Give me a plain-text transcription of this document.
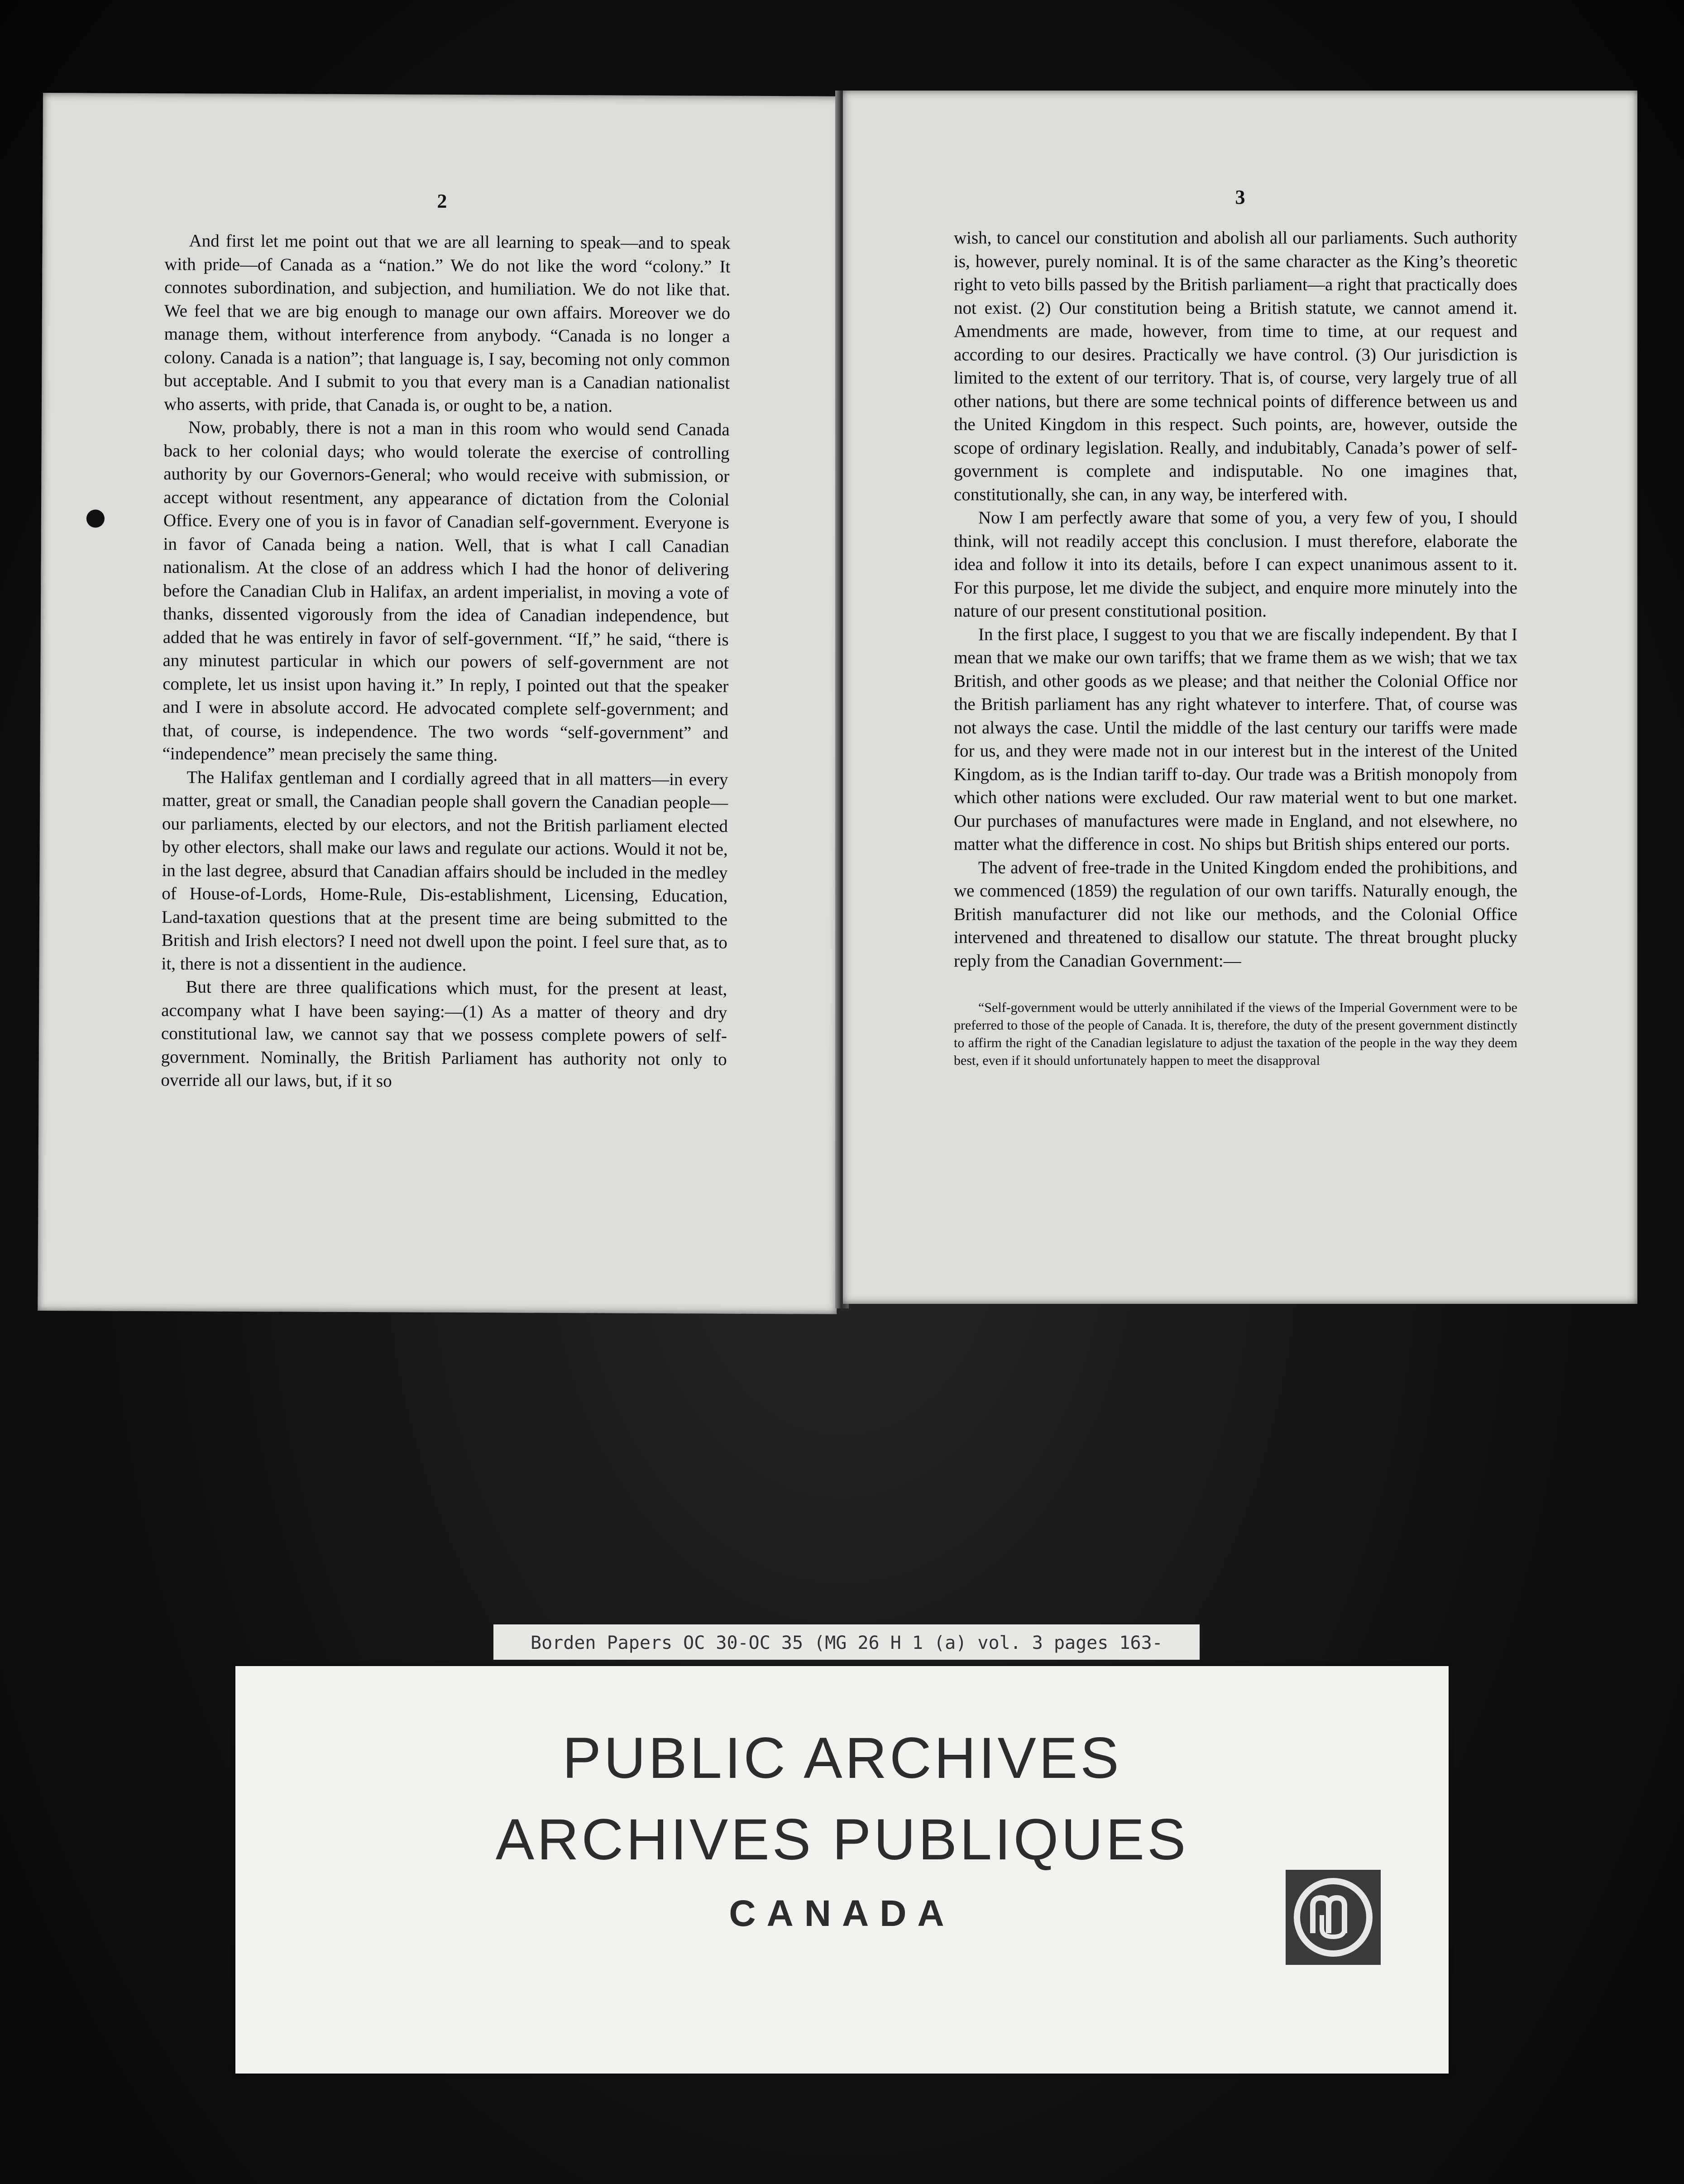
2

And first let me point out that we are all learning to speak—and to speak with pride—of Canada as a “nation.” We do not like the word “colony.” It connotes subordination, and subjection, and humiliation. We do not like that. We feel that we are big enough to manage our own affairs. Moreover we do manage them, without interference from anybody. “Canada is no longer a colony. Canada is a nation”; that language is, I say, becoming not only common but acceptable. And I submit to you that every man is a Canadian nationalist who asserts, with pride, that Canada is, or ought to be, a nation.

Now, probably, there is not a man in this room who would send Canada back to her colonial days; who would tolerate the exercise of controlling authority by our Governors-General; who would receive with submission, or accept without resentment, any appearance of dictation from the Colonial Office. Every one of you is in favor of Canadian self-government. Everyone is in favor of Canada being a nation. Well, that is what I call Canadian nationalism. At the close of an address which I had the honor of delivering before the Canadian Club in Halifax, an ardent imperialist, in moving a vote of thanks, dissented vigorously from the idea of Canadian independence, but added that he was entirely in favor of self-government. “If,” he said, “there is any minutest particular in which our powers of self-government are not complete, let us insist upon having it.” In reply, I pointed out that the speaker and I were in absolute accord. He advocated complete self-government; and that, of course, is independence. The two words “self-government” and “independence” mean precisely the same thing.

The Halifax gentleman and I cordially agreed that in all matters—in every matter, great or small, the Canadian people shall govern the Canadian people—our parliaments, elected by our electors, and not the British parliament elected by other electors, shall make our laws and regulate our actions. Would it not be, in the last degree, absurd that Canadian affairs should be included in the medley of House-of-Lords, Home-Rule, Dis-establishment, Licensing, Education, Land-taxation questions that at the present time are being submitted to the British and Irish electors? I need not dwell upon the point. I feel sure that, as to it, there is not a dissentient in the audience.

But there are three qualifications which must, for the present at least, accompany what I have been saying:—(1) As a matter of theory and dry constitutional law, we cannot say that we possess complete powers of self-government. Nominally, the British Parliament has authority not only to override all our laws, but, if it so

3

wish, to cancel our constitution and abolish all our parliaments. Such authority is, however, purely nominal. It is of the same character as the King’s theoretic right to veto bills passed by the British parliament—a right that practically does not exist. (2) Our constitution being a British statute, we cannot amend it. Amendments are made, however, from time to time, at our request and according to our desires. Practically we have control. (3) Our jurisdiction is limited to the extent of our territory. That is, of course, very largely true of all other nations, but there are some technical points of difference between us and the United Kingdom in this respect. Such points, are, however, outside the scope of ordinary legislation. Really, and indubitably, Canada’s power of self-government is complete and indisputable. No one imagines that, constitutionally, she can, in any way, be interfered with.

Now I am perfectly aware that some of you, a very few of you, I should think, will not readily accept this conclusion. I must therefore, elaborate the idea and follow it into its details, before I can expect unanimous assent to it. For this purpose, let me divide the subject, and enquire more minutely into the nature of our present constitutional position.

In the first place, I suggest to you that we are fiscally independent. By that I mean that we make our own tariffs; that we frame them as we wish; that we tax British, and other goods as we please; and that neither the Colonial Office nor the British parliament has any right whatever to interfere. That, of course was not always the case. Until the middle of the last century our tariffs were made for us, and they were made not in our interest but in the interest of the United Kingdom, as is the Indian tariff to-day. Our trade was a British monopoly from which other nations were excluded. Our raw material went to but one market. Our purchases of manufactures were made in England, and not elsewhere, no matter what the difference in cost. No ships but British ships entered our ports.

The advent of free-trade in the United Kingdom ended the prohibitions, and we commenced (1859) the regulation of our own tariffs. Naturally enough, the British manufacturer did not like our methods, and the Colonial Office intervened and threatened to disallow our statute. The threat brought plucky reply from the Canadian Government:—

“Self-government would be utterly annihilated if the views of the Imperial Government were to be preferred to those of the people of Canada. It is, therefore, the duty of the present government distinctly to affirm the right of the Canadian legislature to adjust the taxation of the people in the way they deem best, even if it should unfortunately happen to meet the disapproval
Borden Papers OC 30-OC 35 (MG 26 H 1 (a) vol. 3 pages 163-
PUBLIC ARCHIVES
ARCHIVES PUBLIQUES
CANADA
